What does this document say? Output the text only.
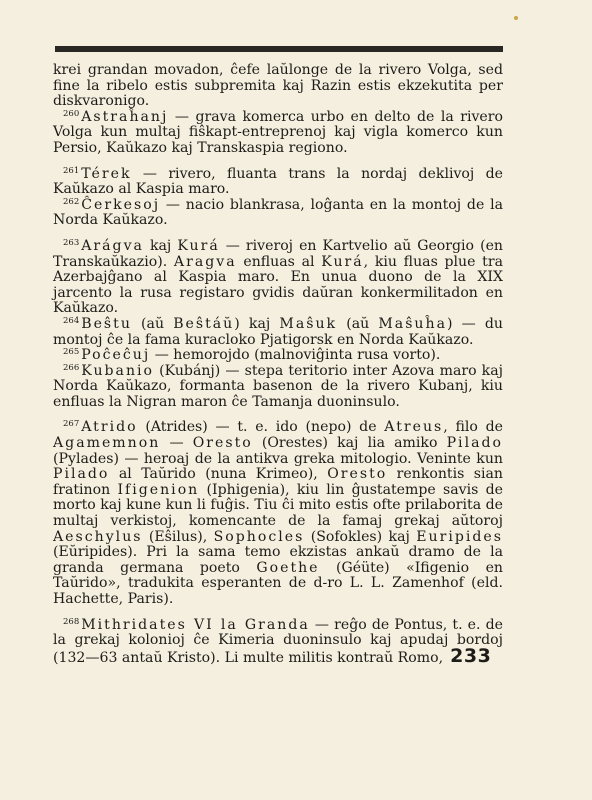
krei grandan movadon, ĉefe laŭlonge de la rivero Volga, sed fine la ribelo estis subpremita kaj Razin estis ekzekutita per diskvaronigo.

$^{260}$ Astraĥanj — grava komerca urbo en delto de la rivero Volga kun multaj fiŝkapt-entreprenoj kaj vigla komerco kun Persio, Kaŭkazo kaj Transkaspia regiono.

$^{261}$ Térek — rivero, fluanta trans la nordaj deklivoj de Kaŭkazo al Kaspia maro.

$^{262}$ Ĉerkesoj — nacio blankrasa, loĝanta en la montoj de la Norda Kaŭkazo.

$^{263}$ Arágva kaj Kurá — riveroj en Kartvelio aŭ Georgio (en Transkaŭkazio). Aragva enfluas al Kurá, kiu fluas plue tra Azerbajĝano al Kaspia maro. En unua duono de la XIX jarcento la rusa registaro gvidis daŭran konkermilitadon en Kaŭkazo.

$^{264}$ Beŝtu (aŭ Beŝtáŭ) kaj Maŝuk (aŭ Maŝuĥa) — du montoj ĉe la fama kuracloko Pjatigorsk en Norda Kaŭkazo.

$^{265}$ Poĉeĉuj — hemorojdo (malnoviĝinta rusa vorto).

$^{266}$ Kubanio (Kubánj) — stepa teritorio inter Azova maro kaj Norda Kaŭkazo, formanta basenon de la rivero Kubanj, kiu enfluas la Nigran maron ĉe Tamanja duoninsulo.

$^{267}$ Atrido (Atrides) — t. e. ido (nepo) de Atreus, filo de Agamemnon — Oresto (Orestes) kaj lia amiko Pilado (Pylades) — heroaj de la antikva greka mitologio. Veninte kun Pilado al Taŭrido (nuna Krimeo), Oresto renkontis sian fratinon Ifigenion (Iphigenia), kiu lin ĝustatempe savis de morto kaj kune kun li fuĝis. Tiu ĉi mito estis ofte prilaborita de multaj verkistoj, komencante de la famaj grekaj aŭtoroj Aeschylus (Eŝilus), Sophocles (Sofokles) kaj Euripides (Eŭripides). Pri la sama temo ekzistas ankaŭ dramo de la granda germana poeto Goethe (Géüte) «Ifigenio en Taŭrido», tradukita esperanten de d-ro L. L. Zamenhof (eld. Hachette, Paris).

$^{268}$ Mithridates VI la Granda — reĝo de Pontus, t. e. de la grekaj kolonioj ĉe Kimeria duoninsulo kaj apudaj bordoj (132—63 antaŭ Kristo). Li multe militis kontraŭ Romo, 233
